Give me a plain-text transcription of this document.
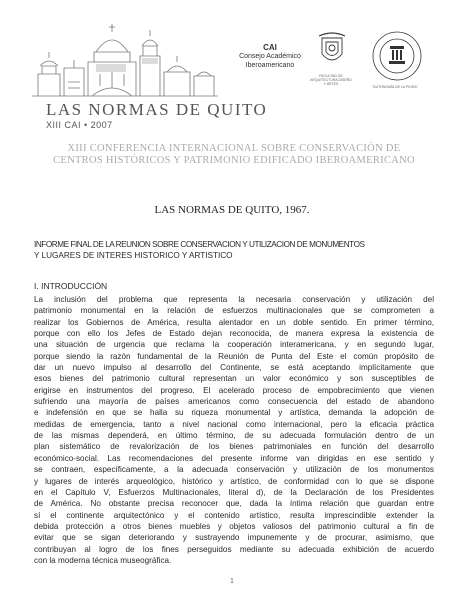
LAS NORMAS DE QUITO
XIII CAI • 2007
CAI
Consejo Académico
Iberoamericano
FACULTAD DE ARQUITECTURA DISEÑO Y ARTES
"AUTONOMÍA DE LA PIURA"
XIII CONFERENCIA INTERNACIONAL SOBRE CONSERVACIÓN DE
CENTROS HISTÓRICOS Y PATRIMONIO EDIFICADO IBEROAMERICANO
LAS NORMAS DE QUITO, 1967.
INFORME FINAL DE LA REUNION SOBRE CONSERVACION Y UTILIZACION DE MONUMENTOS
Y LUGARES DE INTERES HISTORICO Y ARTISTICO
I. INTRODUCCIÓN

La inclusión del problema que representa la necesaria conservación y utilización del

patrimonio monumental en la relación de esfuerzos multinacionales que se comprometen a

realizar los Gobiernos de América, resulta alentador en un doble sentido. En primer término,

porque con ello los Jefes de Estado dejan reconocida, de manera expresa la existencia de

una situación de urgencia que reclama la cooperación interamericana, y en segundo lugar,

porque siendo la razón fundamental de la Reunión de Punta del Este el común propósito de

dar un nuevo impulso al desarrollo del Continente, se está aceptando implícitamente que

esos bienes del patrimonio cultural representan un valor económico y son susceptibles de

erigirse en instrumentos del progreso. El acelerado proceso de empobrecimiento que vienen

sufriendo una mayoría de países americanos como consecuencia del estado de abandono

e indefensión en que se halla su riqueza monumental y artística, demanda la adopción de

medidas de emergencia, tanto a nivel nacional como internacional, pero la eficacia práctica

de las mismas dependerá, en último término, de su adecuada formulación dentro de un

plan sistemático de revalorización de los bienes patrimoniales en función del desarrollo

económico-social. Las recomendaciones del presente informe van dirigidas en ese sentido y

se contraen, específicamente, a la adecuada conservación y utilización de los monumentos

y lugares de interés arqueológico, histórico y artístico, de conformidad con lo que se dispone

en el Capítulo V, Esfuerzos Multinacionales, literal d), de la Declaración de los Presidentes

de América. No obstante precisa reconocer que, dada la íntima relación que guardan entre

sí el continente arquitectónico y el contenido artístico, resulta imprescindible extender la

debida protección a otros bienes muebles y objetos valiosos del patrimonio cultural a fin de

evitar que se sigan deteriorando y sustrayendo impunemente y de procurar, asimismo, que

contribuyan al logro de los fines perseguidos mediante su adecuada exhibición de acuerdo

con la moderna técnica museográfica.

1
